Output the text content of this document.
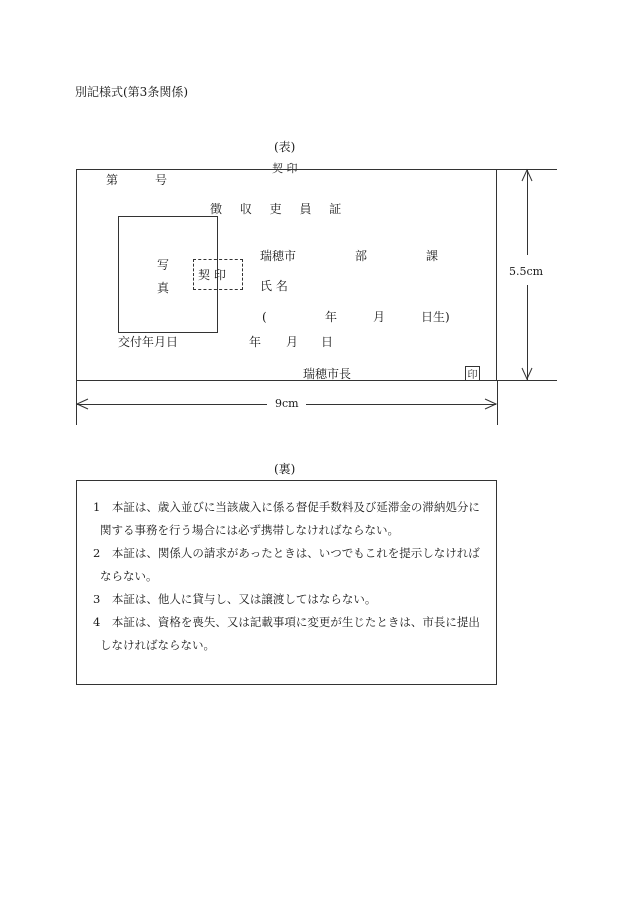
別記様式(第3条関係)
(表)
契 印
第	号
徴 収 吏 員 証
写
真
契 印
瑞穂市	部	課
氏 名
(	年	月	日生)
交付年月日	年 月 日
瑞穂市長	印
5.5cm
9cm
(裏)
1　本証は、歳入並びに当該歳入に係る督促手数料及び延滞金の滞納処分に
関する事務を行う場合には必ず携帯しなければならない。
2　本証は、関係人の請求があったときは、いつでもこれを提示しなければ
ならない。
3　本証は、他人に貸与し、又は譲渡してはならない。
4　本証は、資格を喪失、又は記載事項に変更が生じたときは、市長に提出
しなければならない。
